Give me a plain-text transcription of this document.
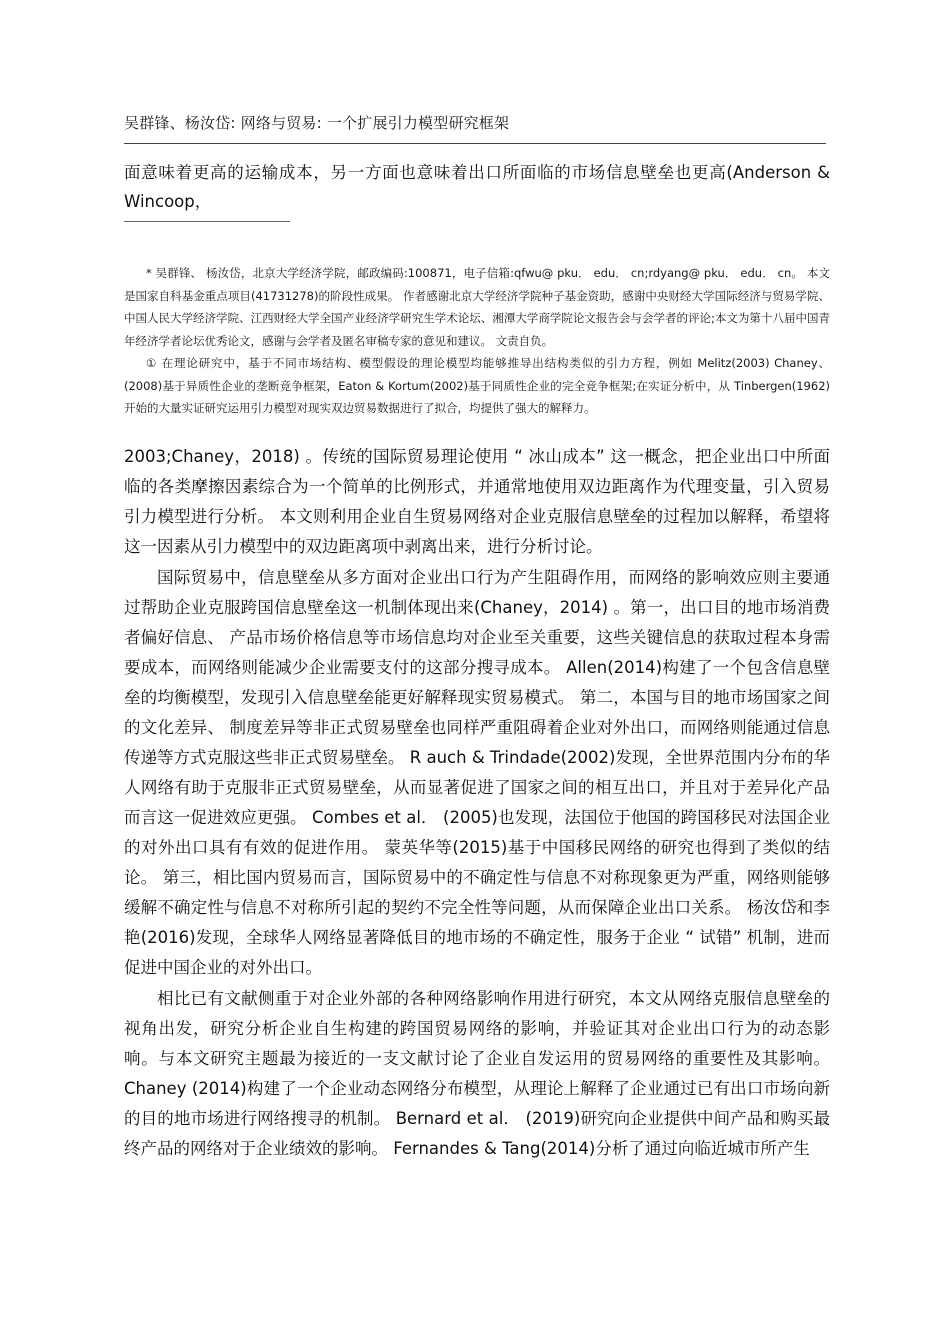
吴群锋、杨汝岱: 网络与贸易: 一个扩展引力模型研究框架

面意味着更高的运输成本，另一方面也意味着出口所面临的市场信息壁垒也更高(Anderson & Wincoop，

* 吴群锋、 杨汝岱，北京大学经济学院，邮政编码:100871，电子信箱:qfwu@ pku． edu． cn;rdyang@ pku． edu． cn。 本文是国家自科基金重点项目(41731278)的阶段性成果。 作者感谢北京大学经济学院种子基金资助，感谢中央财经大学国际经济与贸易学院、中国人民大学经济学院、江西财经大学全国产业经济学研究生学术论坛、湘潭大学商学院论文报告会与会学者的评论;本文为第十八届中国青年经济学者论坛优秀论文，感谢与会学者及匿名审稿专家的意见和建议。 文责自负。

① 在理论研究中，基于不同市场结构、模型假设的理论模型均能够推导出结构类似的引力方程，例如 Melitz(2003) Chaney、 (2008)基于异质性企业的垄断竞争框架，Eaton & Kortum(2002)基于同质性企业的完全竞争框架;在实证分析中，从 Tinbergen(1962)开始的大量实证研究运用引力模型对现实双边贸易数据进行了拟合，均提供了强大的解释力。

2003;Chaney，2018) 。传统的国际贸易理论使用 “ 冰山成本” 这一概念，把企业出口中所面临的各类摩擦因素综合为一个简单的比例形式，并通常地使用双边距离作为代理变量，引入贸易引力模型进行分析。 本文则利用企业自生贸易网络对企业克服信息壁垒的过程加以解释，希望将这一因素从引力模型中的双边距离项中剥离出来，进行分析讨论。

国际贸易中，信息壁垒从多方面对企业出口行为产生阻碍作用，而网络的影响效应则主要通过帮助企业克服跨国信息壁垒这一机制体现出来(Chaney，2014) 。第一，出口目的地市场消费者偏好信息、 产品市场价格信息等市场信息均对企业至关重要，这些关键信息的获取过程本身需要成本，而网络则能减少企业需要支付的这部分搜寻成本。 Allen(2014)构建了一个包含信息壁垒的均衡模型，发现引入信息壁垒能更好解释现实贸易模式。 第二，本国与目的地市场国家之间的文化差异、 制度差异等非正式贸易壁垒也同样严重阻碍着企业对外出口，而网络则能通过信息传递等方式克服这些非正式贸易壁垒。 R auch & Trindade(2002)发现，全世界范围内分布的华人网络有助于克服非正式贸易壁垒，从而显著促进了国家之间的相互出口，并且对于差异化产品而言这一促进效应更强。 Combes et al． (2005)也发现，法国位于他国的跨国移民对法国企业的对外出口具有有效的促进作用。 蒙英华等(2015)基于中国移民网络的研究也得到了类似的结论。 第三，相比国内贸易而言，国际贸易中的不确定性与信息不对称现象更为严重，网络则能够缓解不确定性与信息不对称所引起的契约不完全性等问题，从而保障企业出口关系。 杨汝岱和李艳(2016)发现，全球华人网络显著降低目的地市场的不确定性，服务于企业 “ 试错” 机制，进而促进中国企业的对外出口。

相比已有文献侧重于对企业外部的各种网络影响作用进行研究，本文从网络克服信息壁垒的视角出发，研究分析企业自生构建的跨国贸易网络的影响，并验证其对企业出口行为的动态影响。与本文研究主题最为接近的一支文献讨论了企业自发运用的贸易网络的重要性及其影响。 Chaney (2014)构建了一个企业动态网络分布模型，从理论上解释了企业通过已有出口市场向新的目的地市场进行网络搜寻的机制。 Bernard et al． (2019)研究向企业提供中间产品和购买最终产品的网络对于企业绩效的影响。 Fernandes & Tang(2014)分析了通过向临近城市所产生
